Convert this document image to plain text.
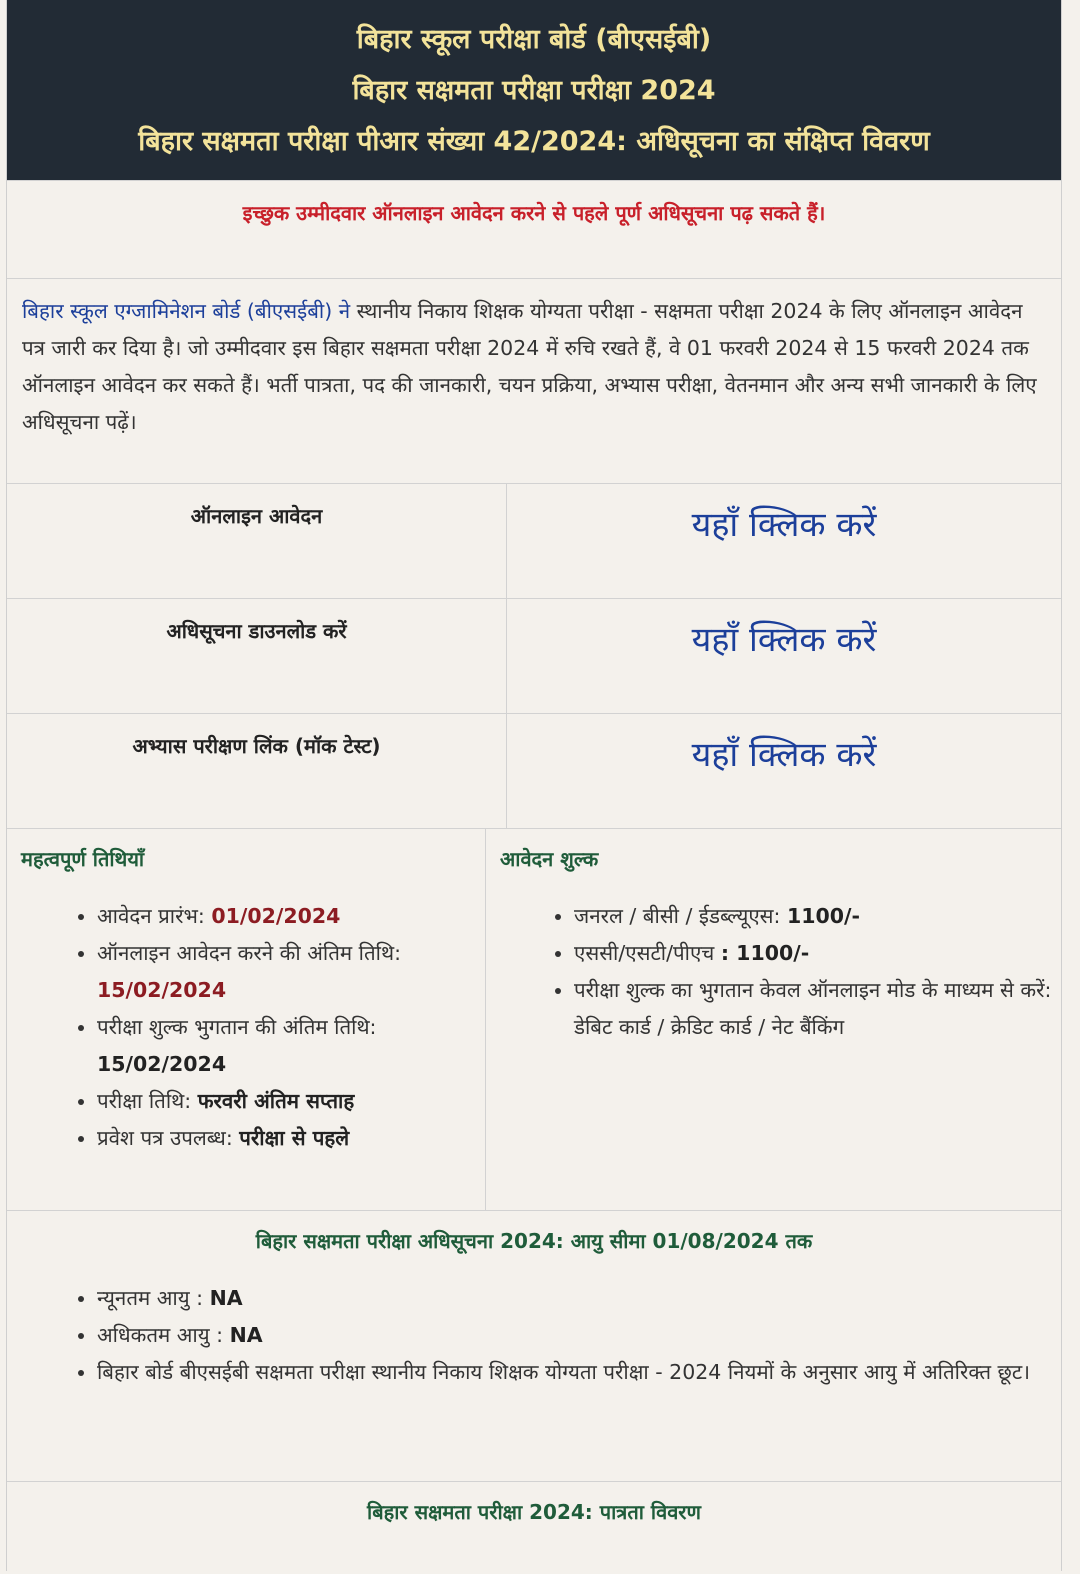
बिहार स्कूल परीक्षा बोर्ड (बीएसईबी)
बिहार सक्षमता परीक्षा परीक्षा 2024
बिहार सक्षमता परीक्षा पीआर संख्या 42/2024: अधिसूचना का संक्षिप्त विवरण
इच्छुक उम्मीदवार ऑनलाइन आवेदन करने से पहले पूर्ण अधिसूचना पढ़ सकते हैं।
बिहार स्कूल एग्जामिनेशन बोर्ड (बीएसईबी) ने स्थानीय निकाय शिक्षक योग्यता परीक्षा - सक्षमता परीक्षा 2024 के लिए ऑनलाइन आवेदन पत्र जारी कर दिया है। जो उम्मीदवार इस बिहार सक्षमता परीक्षा 2024 में रुचि रखते हैं, वे 01 फरवरी 2024 से 15 फरवरी 2024 तक ऑनलाइन आवेदन कर सकते हैं। भर्ती पात्रता, पद की जानकारी, चयन प्रक्रिया, अभ्यास परीक्षा, वेतनमान और अन्य सभी जानकारी के लिए अधिसूचना पढ़ें।
ऑनलाइन आवेदन	यहाँ क्लिक करें
अधिसूचना डाउनलोड करें	यहाँ क्लिक करें
अभ्यास परीक्षण लिंक (मॉक टेस्ट)	यहाँ क्लिक करें
महत्वपूर्ण तिथियाँ
• आवेदन प्रारंभ: 01/02/2024
• ऑनलाइन आवेदन करने की अंतिम तिथि: 15/02/2024
• परीक्षा शुल्क भुगतान की अंतिम तिथि: 15/02/2024
• परीक्षा तिथि: फरवरी अंतिम सप्ताह
• प्रवेश पत्र उपलब्ध: परीक्षा से पहले
आवेदन शुल्क
• जनरल / बीसी / ईडब्ल्यूएस: 1100/-
• एससी/एसटी/पीएच : 1100/-
• परीक्षा शुल्क का भुगतान केवल ऑनलाइन मोड के माध्यम से करें: डेबिट कार्ड / क्रेडिट कार्ड / नेट बैंकिंग
बिहार सक्षमता परीक्षा अधिसूचना 2024: आयु सीमा 01/08/2024 तक
• न्यूनतम आयु : NA
• अधिकतम आयु : NA
• बिहार बोर्ड बीएसईबी सक्षमता परीक्षा स्थानीय निकाय शिक्षक योग्यता परीक्षा - 2024 नियमों के अनुसार आयु में अतिरिक्त छूट।
बिहार सक्षमता परीक्षा 2024: पात्रता विवरण
